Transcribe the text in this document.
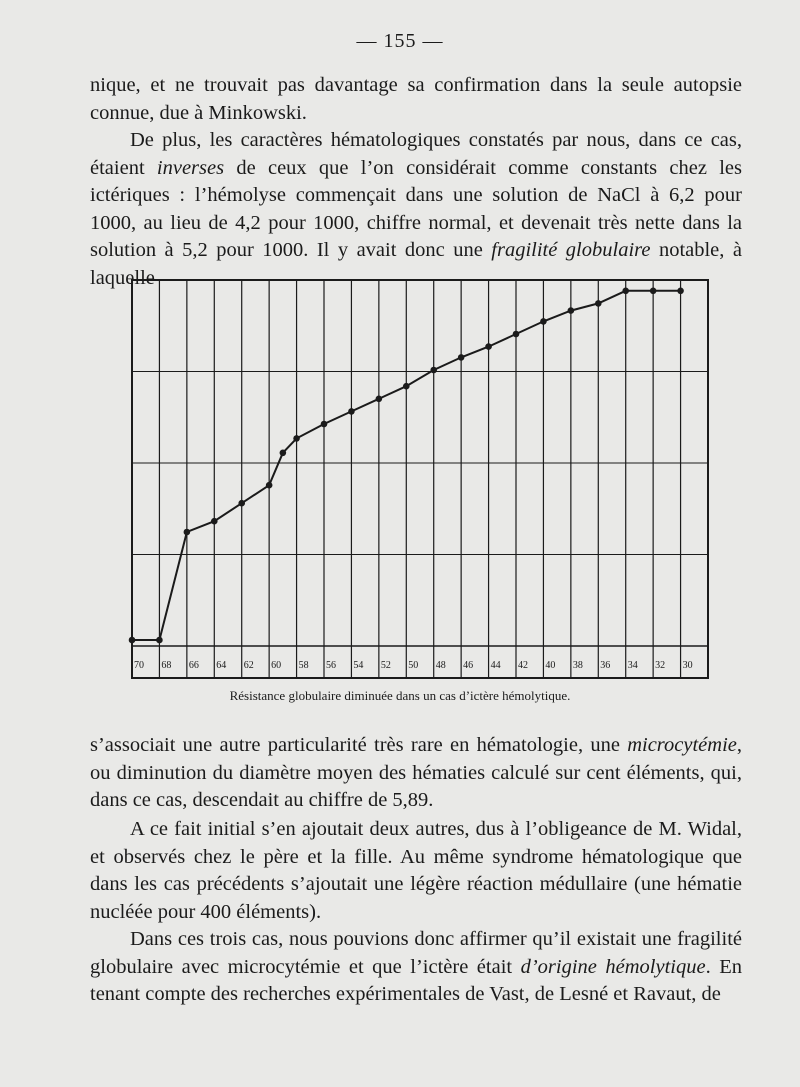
— 155 —

nique, et ne trouvait pas davantage sa confirmation dans la seule autopsie connue, due à Minkowski.

De plus, les caractères hématologiques constatés par nous, dans ce cas, étaient inverses de ceux que l’on considérait comme constants chez les ictériques : l’hémolyse commençait dans une solution de NaCl à 6,2 pour 1000, au lieu de 4,2 pour 1000, chiffre normal, et devenait très nette dans la solution à 5,2 pour 1000. Il y avait donc une fragilité globulaire notable, à laquelle

70 68 66 64 62 60 58 56 54 52 50 48 46 44 42 40 38 36 34 32 30
Résistance globulaire diminuée dans un cas d’ictère hémolytique.

s’associait une autre particularité très rare en hématologie, une microcytémie, ou diminution du diamètre moyen des hématies calculé sur cent éléments, qui, dans ce cas, descendait au chiffre de 5,89.

A ce fait initial s’en ajoutait deux autres, dus à l’obligeance de M. Widal, et observés chez le père et la fille. Au même syndrome hématologique que dans les cas précédents s’ajoutait une légère réaction médullaire (une hématie nucléée pour 400 éléments).

Dans ces trois cas, nous pouvions donc affirmer qu’il existait une fragilité globulaire avec microcytémie et que l’ictère était d’origine hémolytique. En tenant compte des recherches expérimentales de Vast, de Lesné et Ravaut, de
